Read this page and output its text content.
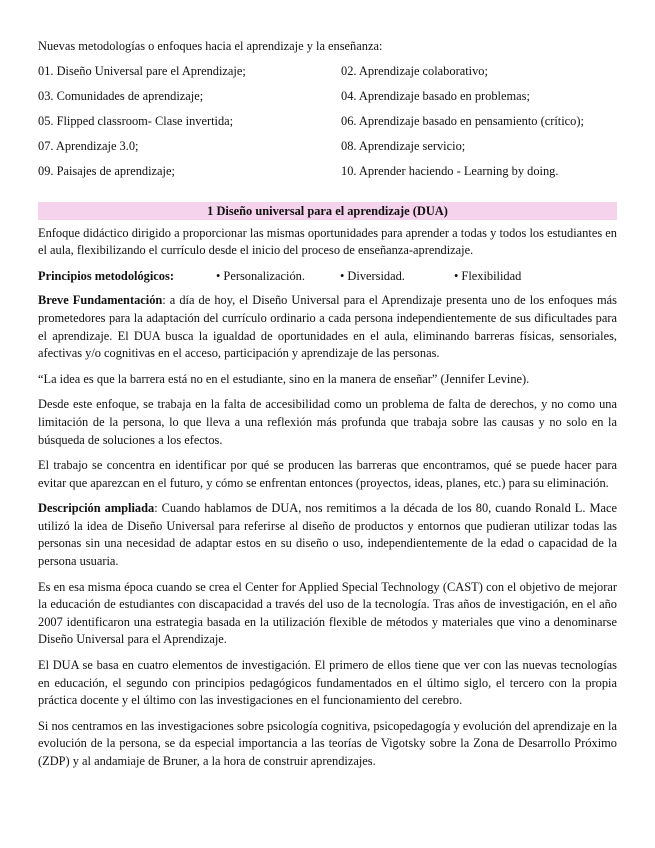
Nuevas metodologías o enfoques hacia el aprendizaje y la enseñanza:
01. Diseño Universal pare el Aprendizaje;	02. Aprendizaje colaborativo;
03. Comunidades de aprendizaje;	04. Aprendizaje basado en problemas;
05. Flipped classroom- Clase invertida;	06. Aprendizaje basado en pensamiento (crítico);
07. Aprendizaje 3.0;	08. Aprendizaje servicio;
09. Paisajes de aprendizaje;	10. Aprender haciendo - Learning by doing.
1 Diseño universal para el aprendizaje (DUA)

Enfoque didáctico dirigido a proporcionar las mismas oportunidades para aprender a todas y todos los estudiantes en el aula, flexibilizando el currículo desde el inicio del proceso de enseñanza-aprendizaje.

Principios metodológicos:	• Personalización.	• Diversidad.	• Flexibilidad

Breve Fundamentación: a día de hoy, el Diseño Universal para el Aprendizaje presenta uno de los enfoques más prometedores para la adaptación del currículo ordinario a cada persona independientemente de sus dificultades para el aprendizaje. El DUA busca la igualdad de oportunidades en el aula, eliminando barreras físicas, sensoriales, afectivas y/o cognitivas en el acceso, participación y aprendizaje de las personas.

“La idea es que la barrera está no en el estudiante, sino en la manera de enseñar” (Jennifer Levine).

Desde este enfoque, se trabaja en la falta de accesibilidad como un problema de falta de derechos, y no como una limitación de la persona, lo que lleva a una reflexión más profunda que trabaja sobre las causas y no solo en la búsqueda de soluciones a los efectos.

El trabajo se concentra en identificar por qué se producen las barreras que encontramos, qué se puede hacer para evitar que aparezcan en el futuro, y cómo se enfrentan entonces (proyectos, ideas, planes, etc.) para su eliminación.

Descripción ampliada: Cuando hablamos de DUA, nos remitimos a la década de los 80, cuando Ronald L. Mace utilizó la idea de Diseño Universal para referirse al diseño de productos y entornos que pudieran utilizar todas las personas sin una necesidad de adaptar estos en su diseño o uso, independientemente de la edad o capacidad de la persona usuaria.

Es en esa misma época cuando se crea el Center for Applied Special Technology (CAST) con el objetivo de mejorar la educación de estudiantes con discapacidad a través del uso de la tecnología. Tras años de investigación, en el año 2007 identificaron una estrategia basada en la utilización flexible de métodos y materiales que vino a denominarse Diseño Universal para el Aprendizaje.

El DUA se basa en cuatro elementos de investigación. El primero de ellos tiene que ver con las nuevas tecnologías en educación, el segundo con principios pedagógicos fundamentados en el último siglo, el tercero con la propia práctica docente y el último con las investigaciones en el funcionamiento del cerebro.

Si nos centramos en las investigaciones sobre psicología cognitiva, psicopedagogía y evolución del aprendizaje en la evolución de la persona, se da especial importancia a las teorías de Vigotsky sobre la Zona de Desarrollo Próximo (ZDP) y al andamiaje de Bruner, a la hora de construir aprendizajes.
